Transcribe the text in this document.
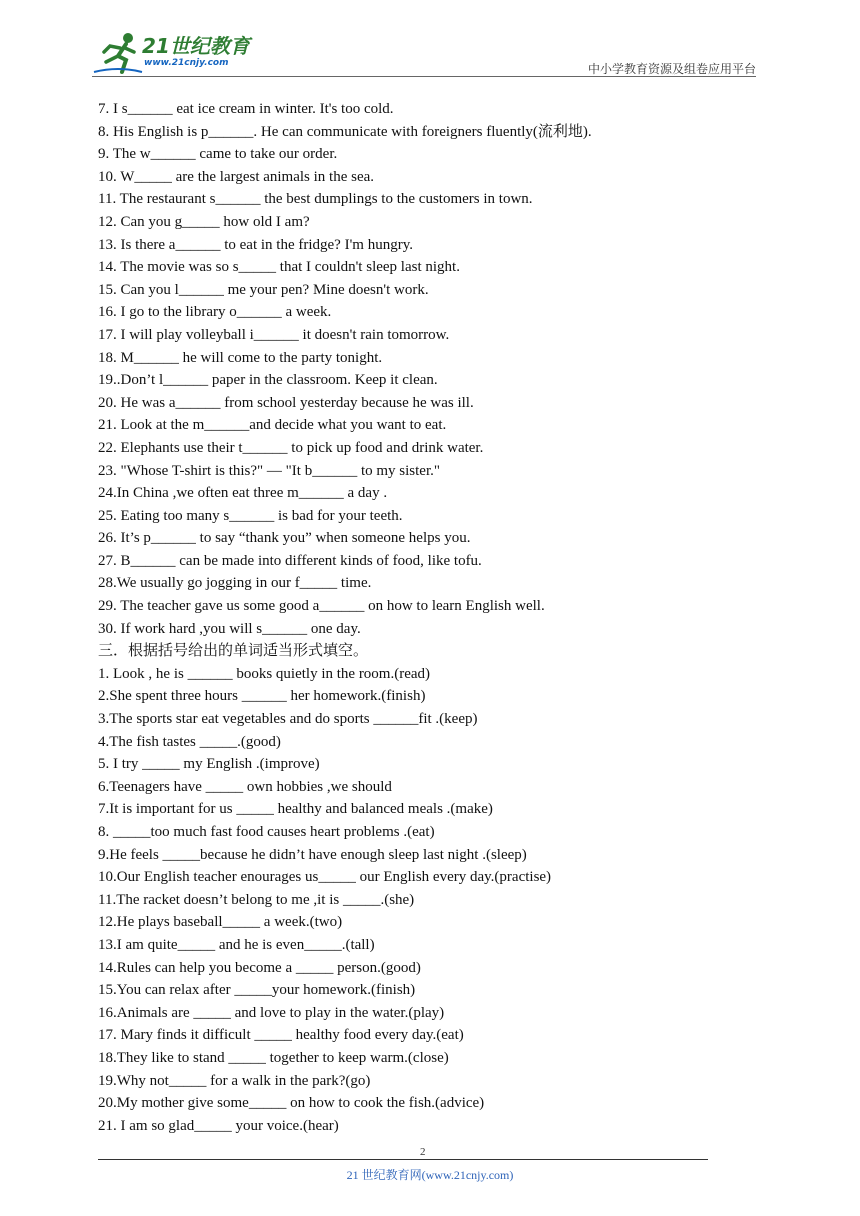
21世纪教育
www.21cnjy.com	中小学教育资源及组卷应用平台
7. I s______ eat ice cream in winter. It's too cold.
8. His English is p______. He can communicate with foreigners fluently(流利地).
9. The w______ came to take our order.
10. W_____ are the largest animals in the sea.
11. The restaurant s______ the best dumplings to the customers in town.
12. Can you g_____ how old I am?
13. Is there a______ to eat in the fridge? I'm hungry.
14. The movie was so s_____ that I couldn't sleep last night.
15. Can you l______ me your pen? Mine doesn't work.
16. I go to the library o______ a week.
17. I will play volleyball i______ it doesn't rain tomorrow.
18. M______ he will come to the party tonight.
19..Don’t l______ paper in the classroom. Keep it clean.
20. He was a______ from school yesterday because he was ill.
21. Look at the m______and decide what you want to eat.
22. Elephants use their t______ to pick up food and drink water.
23. "Whose T-shirt is this?" — "It b______ to my sister."
24.In China ,we often eat three m______ a day .
25. Eating too many s______ is bad for your teeth.
26. It’s p______ to say “thank you” when someone helps you.
27. B______ can be made into different kinds of food, like tofu.
28.We usually go jogging in our f_____ time.
29. The teacher gave us some good a______ on how to learn English well.
30. If work hard ,you will s______ one day.
三．根据括号给出的单词适当形式填空。
1. Look , he is ______ books quietly in the room.(read)
2.She spent three hours ______ her homework.(finish)
3.The sports star eat vegetables and do sports ______fit .(keep)
4.The fish tastes _____.(good)
5. I try _____ my English .(improve)
6.Teenagers have _____ own hobbies ,we should
7.It is important for us _____ healthy and balanced meals .(make)
8. _____too much fast food causes heart problems .(eat)
9.He feels _____because he didn’t have enough sleep last night .(sleep)
10.Our English teacher enourages us_____ our English every day.(practise)
11.The racket doesn’t belong to me ,it is _____.(she)
12.He plays baseball_____ a week.(two)
13.I am quite_____ and he is even_____.(tall)
14.Rules can help you become a _____ person.(good)
15.You can relax after _____your homework.(finish)
16.Animals are _____ and love to play in the water.(play)
17. Mary finds it difficult _____ healthy food every day.(eat)
18.They like to stand _____ together to keep warm.(close)
19.Why not_____ for a walk in the park?(go)
20.My mother give some_____ on how to cook the fish.(advice)
21. I am so glad_____ your voice.(hear)
2
21 世纪教育网(www.21cnjy.com)
